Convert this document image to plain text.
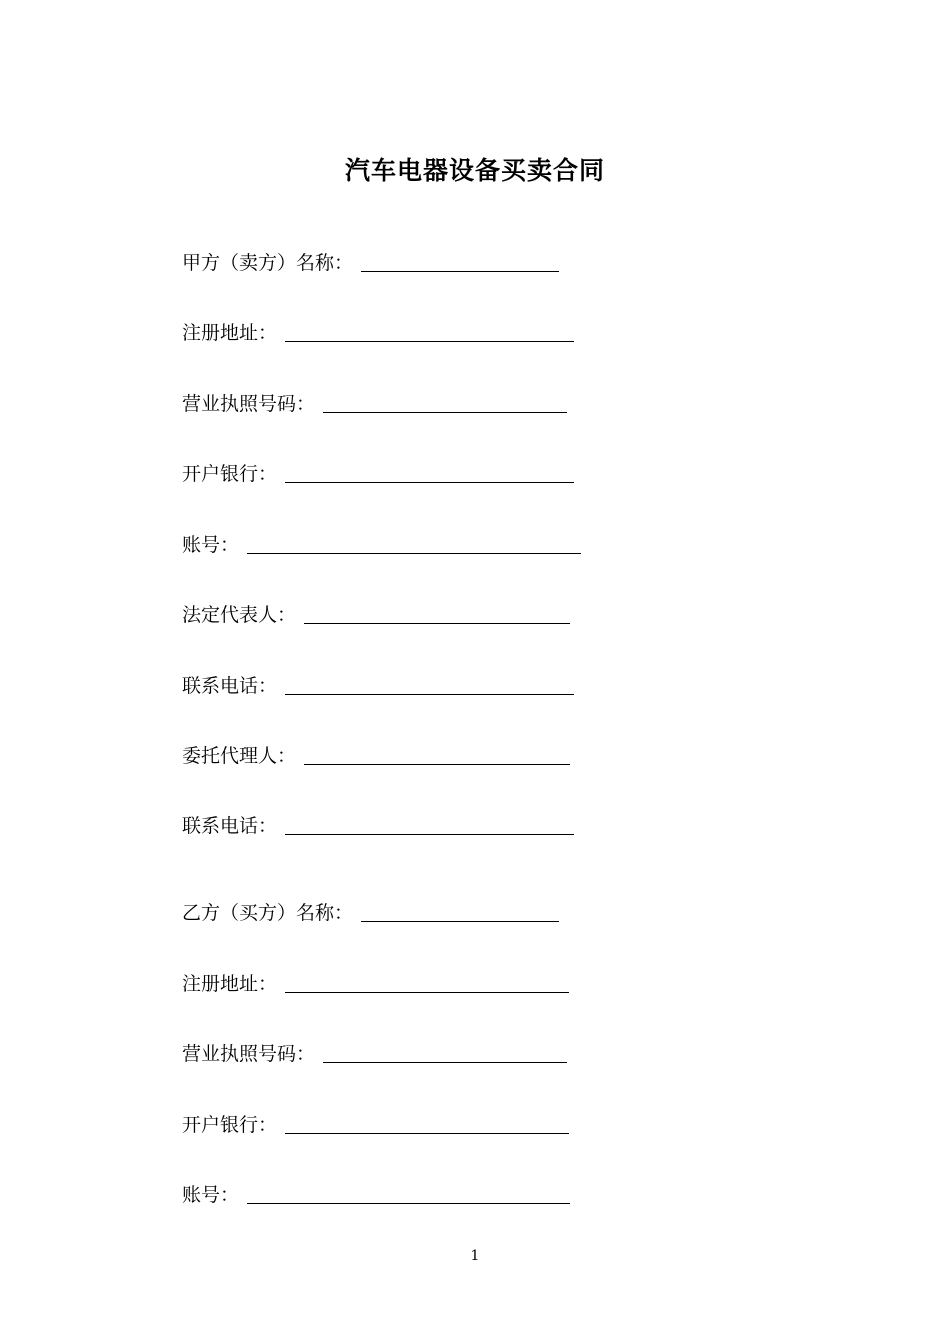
汽车电器设备买卖合同
甲方（卖方）名称：
注册地址：
营业执照号码：
开户银行：
账号：
法定代表人：
联系电话：
委托代理人：
联系电话：
乙方（买方）名称：
注册地址：
营业执照号码：
开户银行：
账号：
1
